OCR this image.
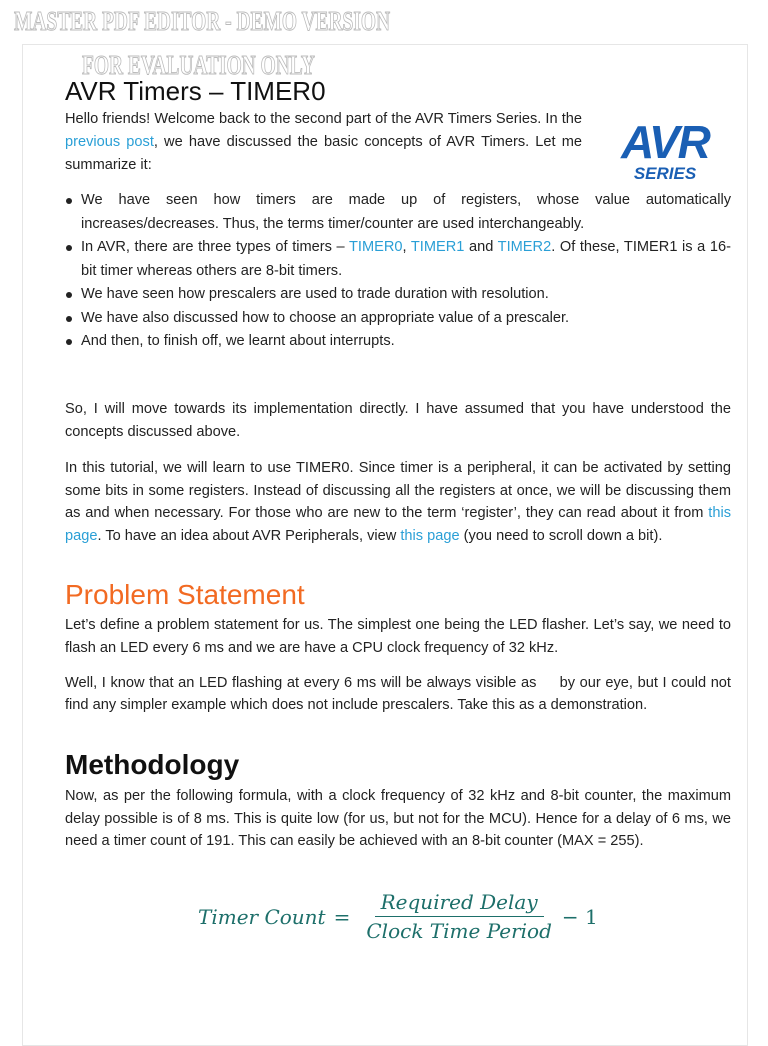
MASTER PDF EDITOR - DEMO VERSION
FOR EVALUATION ONLY
AVR Timers – TIMER0

Hello friends! Welcome back to the second part of the AVR Timers Series. In the previous post, we have discussed the basic concepts of AVR Timers. Let me summarize it:	AVR
SERIES
We have seen how timers are made up of registers, whose value automatically increases/decreases. Thus, the terms timer/counter are used interchangeably.
In AVR, there are three types of timers – TIMER0, TIMER1 and TIMER2. Of these, TIMER1 is a 16-bit timer whereas others are 8-bit timers.
We have seen how prescalers are used to trade duration with resolution.
We have also discussed how to choose an appropriate value of a prescaler.
And then, to finish off, we learnt about interrupts.

So, I will move towards its implementation directly. I have assumed that you have understood the concepts discussed above.

In this tutorial, we will learn to use TIMER0. Since timer is a peripheral, it can be activated by setting some bits in some registers. Instead of discussing all the registers at once, we will be discussing them as and when necessary. For those who are new to the term ‘register’, they can read about it from this page. To have an idea about AVR Peripherals, view this page (you need to scroll down a bit).

Problem Statement

Let’s define a problem statement for us. The simplest one being the LED flasher. Let’s say, we need to flash an LED every 6 ms and we are have a CPU clock frequency of 32 kHz.

Well, I know that an LED flashing at every 6 ms will be always visible as  by our eye, but I could not find any simpler example which does not include prescalers. Take this as a demonstration.

Methodology

Now, as per the following formula, with a clock frequency of 32 kHz and 8-bit counter, the maximum delay possible is of 8 ms. This is quite low (for us, but not for the MCU). Hence for a delay of 6 ms, we need a timer count of 191. This can easily be achieved with an 8-bit counter (MAX = 255).

Timer Count = $\frac{\text{Required Delay}}{\text{Clock Time Period}} - 1$
